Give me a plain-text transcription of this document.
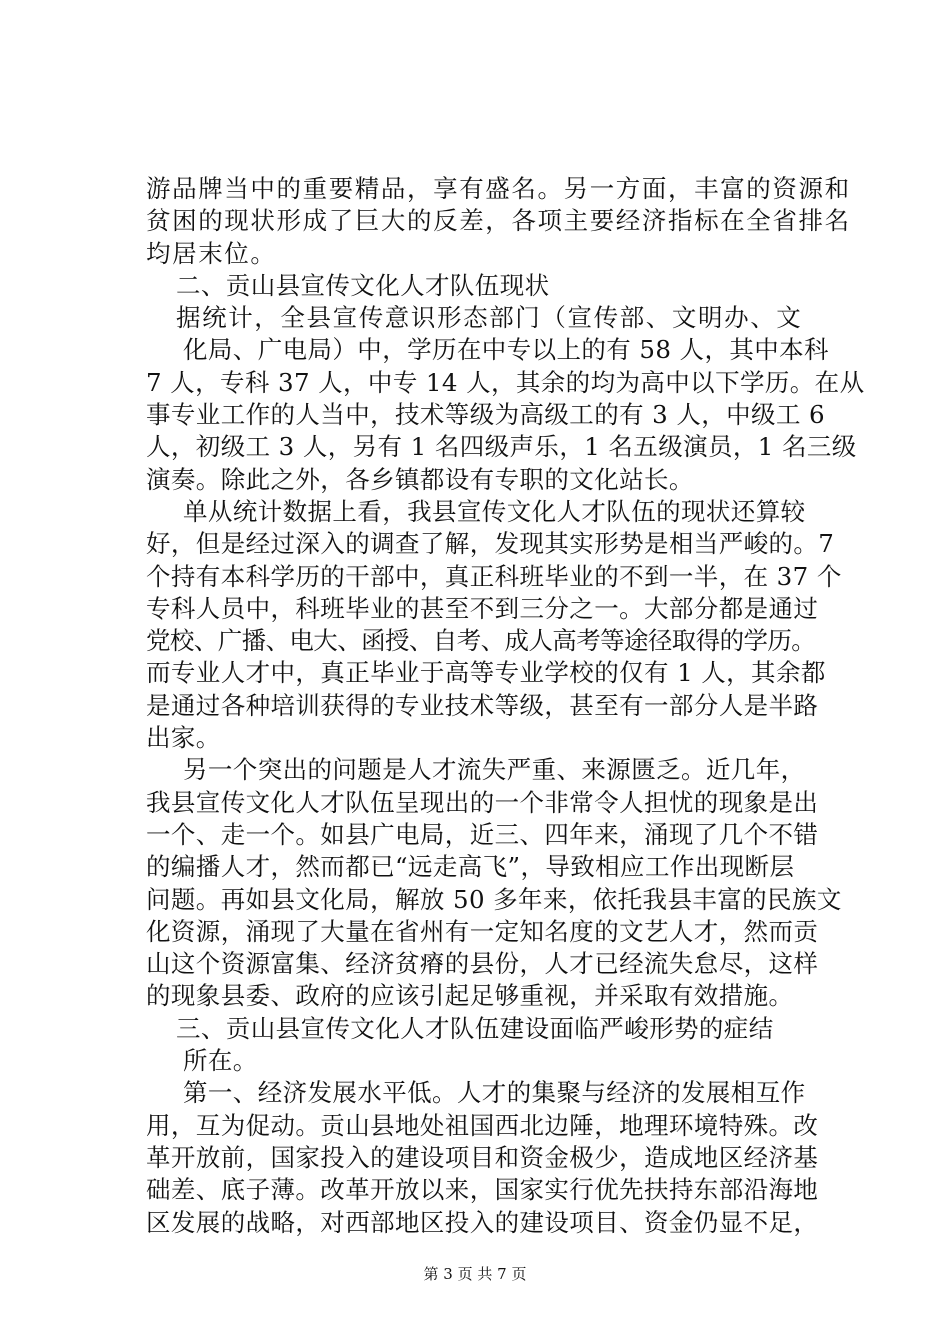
游品牌当中的重要精品，享有盛名。另一方面，丰富的资源和
贫困的现状形成了巨大的反差，各项主要经济指标在全省排名
均居末位。
二、贡山县宣传文化人才队伍现状
据统计，全县宣传意识形态部门（宣传部、文明办、文
化局、广电局）中，学历在中专以上的有 58 人，其中本科
7 人，专科 37 人，中专 14 人，其余的均为高中以下学历。在从
事专业工作的人当中，技术等级为高级工的有 3 人，中级工 6
人，初级工 3 人，另有 1 名四级声乐，1 名五级演员，1 名三级
演奏。除此之外，各乡镇都设有专职的文化站长。
单从统计数据上看，我县宣传文化人才队伍的现状还算较
好，但是经过深入的调查了解，发现其实形势是相当严峻的。7
个持有本科学历的干部中，真正科班毕业的不到一半，在 37 个
专科人员中，科班毕业的甚至不到三分之一。大部分都是通过
党校、广播、电大、函授、自考、成人高考等途径取得的学历。
而专业人才中，真正毕业于高等专业学校的仅有 1 人，其余都
是通过各种培训获得的专业技术等级，甚至有一部分人是半路
出家。
另一个突出的问题是人才流失严重、来源匮乏。近几年，
我县宣传文化人才队伍呈现出的一个非常令人担忧的现象是出
一个、走一个。如县广电局，近三、四年来，涌现了几个不错
的编播人才，然而都已“远走高飞”，导致相应工作出现断层
问题。再如县文化局，解放 50 多年来，依托我县丰富的民族文
化资源，涌现了大量在省州有一定知名度的文艺人才，然而贡
山这个资源富集、经济贫瘠的县份，人才已经流失怠尽，这样
的现象县委、政府的应该引起足够重视，并采取有效措施。
三、贡山县宣传文化人才队伍建设面临严峻形势的症结
所在。
第一、经济发展水平低。人才的集聚与经济的发展相互作
用，互为促动。贡山县地处祖国西北边陲，地理环境特殊。改
革开放前，国家投入的建设项目和资金极少，造成地区经济基
础差、底子薄。改革开放以来，国家实行优先扶持东部沿海地
区发展的战略，对西部地区投入的建设项目、资金仍显不足，
第 3 页 共 7 页
